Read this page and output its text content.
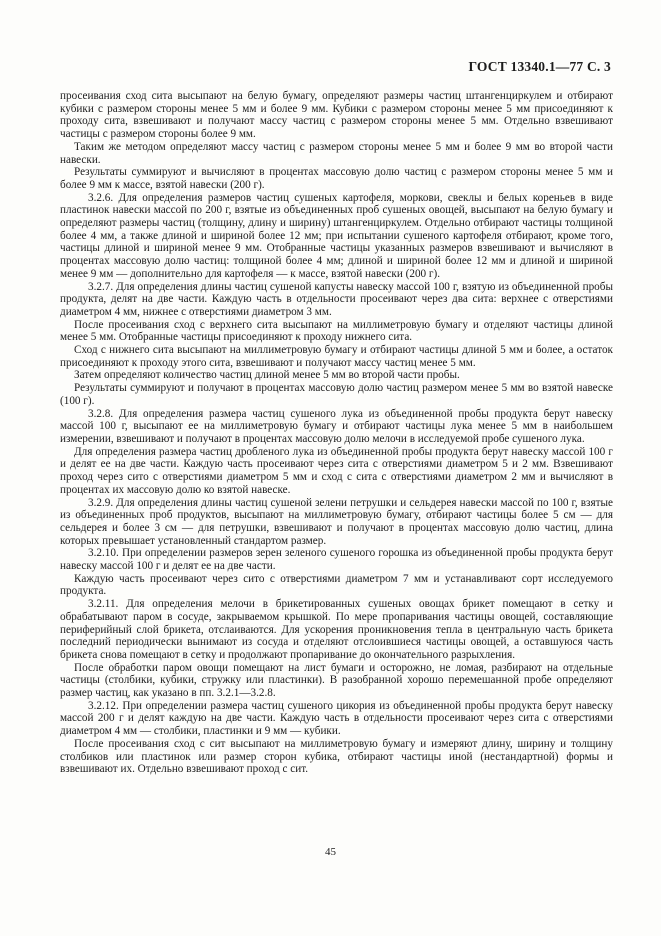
ГОСТ 13340.1—77 С. 3

просеивания сход сита высыпают на белую бумагу, определяют размеры частиц штангенциркулем и отбирают кубики с размером стороны менее 5 мм и более 9 мм. Кубики с размером стороны менее 5 мм присоединяют к проходу сита, взвешивают и получают массу частиц с размером стороны менее 5 мм. Отдельно взвешивают частицы с размером стороны более 9 мм.

Таким же методом определяют массу частиц с размером стороны менее 5 мм и более 9 мм во второй части навески.

Результаты суммируют и вычисляют в процентах массовую долю частиц с размером стороны менее 5 мм и более 9 мм к массе, взятой навески (200 г).

3.2.6. Для определения размеров частиц сушеных картофеля, моркови, свеклы и белых кореньев в виде пластинок навески массой по 200 г, взятые из объединенных проб сушеных овощей, высыпают на белую бумагу и определяют размеры частиц (толщину, длину и ширину) штангенциркулем. Отдельно отбирают частицы толщиной более 4 мм, а также длиной и шириной более 12 мм; при испытании сушеного картофеля отбирают, кроме того, частицы длиной и шириной менее 9 мм. Отобранные частицы указанных размеров взвешивают и вычисляют в процентах массовую долю частиц: толщиной более 4 мм; длиной и шириной более 12 мм и длиной и шириной менее 9 мм — дополнительно для картофеля — к массе, взятой навески (200 г).

3.2.7. Для определения длины частиц сушеной капусты навеску массой 100 г, взятую из объединенной пробы продукта, делят на две части. Каждую часть в отдельности просеивают через два сита: верхнее с отверстиями диаметром 4 мм, нижнее с отверстиями диаметром 3 мм.

После просеивания сход с верхнего сита высыпают на миллиметровую бумагу и отделяют частицы длиной менее 5 мм. Отобранные частицы присоединяют к проходу нижнего сита.

Сход с нижнего сита высыпают на миллиметровую бумагу и отбирают частицы длиной 5 мм и более, а остаток присоединяют к проходу этого сита, взвешивают и получают массу частиц менее 5 мм.

Затем определяют количество частиц длиной менее 5 мм во второй части пробы.

Результаты суммируют и получают в процентах массовую долю частиц размером менее 5 мм во взятой навеске (100 г).

3.2.8. Для определения размера частиц сушеного лука из объединенной пробы продукта берут навеску массой 100 г, высыпают ее на миллиметровую бумагу и отбирают частицы лука менее 5 мм в наибольшем измерении, взвешивают и получают в процентах массовую долю мелочи в исследуемой пробе сушеного лука.

Для определения размера частиц дробленого лука из объединенной пробы продукта берут навеску массой 100 г и делят ее на две части. Каждую часть просеивают через сита с отверстиями диаметром 5 и 2 мм. Взвешивают проход через сито с отверстиями диаметром 5 мм и сход с сита с отверстиями диаметром 2 мм и вычисляют в процентах их массовую долю ко взятой навеске.

3.2.9. Для определения длины частиц сушеной зелени петрушки и сельдерея навески массой по 100 г, взятые из объединенных проб продуктов, высыпают на миллиметровую бумагу, отбирают частицы более 5 см — для сельдерея и более 3 см — для петрушки, взвешивают и получают в процентах массовую долю частиц, длина которых превышает установленный стандартом размер.

3.2.10. При определении размеров зерен зеленого сушеного горошка из объединенной пробы продукта берут навеску массой 100 г и делят ее на две части.

Каждую часть просеивают через сито с отверстиями диаметром 7 мм и устанавливают сорт исследуемого продукта.

3.2.11. Для определения мелочи в брикетированных сушеных овощах брикет помещают в сетку и обрабатывают паром в сосуде, закрываемом крышкой. По мере пропаривания частицы овощей, составляющие периферийный слой брикета, отслаиваются. Для ускорения проникновения тепла в центральную часть брикета последний периодически вынимают из сосуда и отделяют отслоившиеся частицы овощей, а оставшуюся часть брикета снова помещают в сетку и продолжают пропаривание до окончательного разрыхления.

После обработки паром овощи помещают на лист бумаги и осторожно, не ломая, разбирают на отдельные частицы (столбики, кубики, стружку или пластинки). В разобранной хорошо перемешанной пробе определяют размер частиц, как указано в пп. 3.2.1—3.2.8.

3.2.12. При определении размера частиц сушеного цикория из объединенной пробы продукта берут навеску массой 200 г и делят каждую на две части. Каждую часть в отдельности просеивают через сита с отверстиями диаметром 4 мм — столбики, пластинки и 9 мм — кубики.

После просеивания сход с сит высыпают на миллиметровую бумагу и измеряют длину, ширину и толщину столбиков или пластинок или размер сторон кубика, отбирают частицы иной (нестандартной) формы и взвешивают их. Отдельно взвешивают проход с сит.

45
